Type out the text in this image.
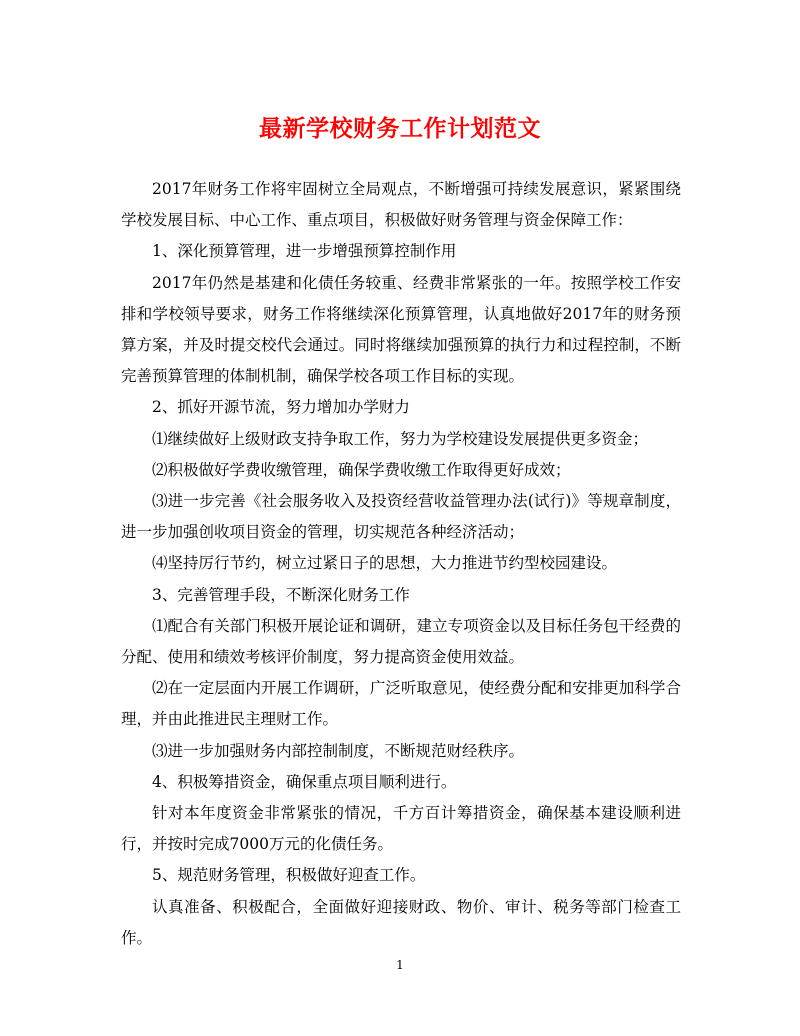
最新学校财务工作计划范文

2017年财务工作将牢固树立全局观点，不断增强可持续发展意识，紧紧围绕学校发展目标、中心工作、重点项目，积极做好财务管理与资金保障工作：

1、深化预算管理，进一步增强预算控制作用

2017年仍然是基建和化债任务较重、经费非常紧张的一年。按照学校工作安排和学校领导要求，财务工作将继续深化预算管理，认真地做好2017年的财务预算方案，并及时提交校代会通过。同时将继续加强预算的执行力和过程控制，不断完善预算管理的体制机制，确保学校各项工作目标的实现。

2、抓好开源节流，努力增加办学财力

⑴继续做好上级财政支持争取工作，努力为学校建设发展提供更多资金；

⑵积极做好学费收缴管理，确保学费收缴工作取得更好成效；

⑶进一步完善《社会服务收入及投资经营收益管理办法(试行)》等规章制度，进一步加强创收项目资金的管理，切实规范各种经济活动；

⑷坚持厉行节约，树立过紧日子的思想，大力推进节约型校园建设。

3、完善管理手段，不断深化财务工作

⑴配合有关部门积极开展论证和调研，建立专项资金以及目标任务包干经费的分配、使用和绩效考核评价制度，努力提高资金使用效益。

⑵在一定层面内开展工作调研，广泛听取意见，使经费分配和安排更加科学合理，并由此推进民主理财工作。

⑶进一步加强财务内部控制制度，不断规范财经秩序。

4、积极筹措资金，确保重点项目顺利进行。

针对本年度资金非常紧张的情况，千方百计筹措资金，确保基本建设顺利进行，并按时完成7000万元的化债任务。

5、规范财务管理，积极做好迎查工作。

认真准备、积极配合，全面做好迎接财政、物价、审计、税务等部门检查工作。

1
